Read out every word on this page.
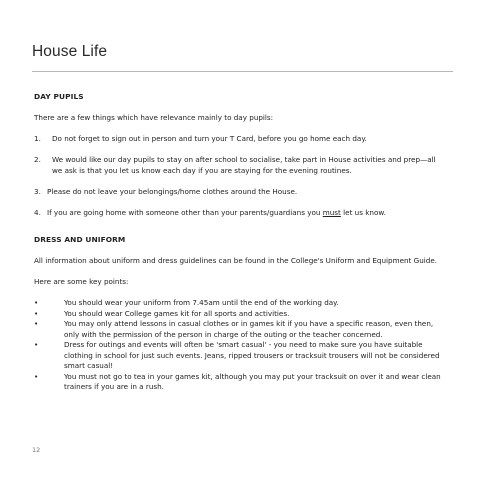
House Life
DAY PUPILS
There are a few things which have relevance mainly to day pupils:
1.	Do not forget to sign out in person and turn your T Card, before you go home each day.
2.	We would like our day pupils to stay on after school to socialise, take part in House activities and prep—all
we ask is that you let us know each day if you are staying for the evening routines.
3. Please do not leave your belongings/home clothes around the House.
4. If you are going home with someone other than your parents/guardians you must let us know.
DRESS AND UNIFORM
All information about uniform and dress guidelines can be found in the College's Uniform and Equipment Guide.
Here are some key points:
•	You should wear your uniform from 7.45am until the end of the working day.
•	You should wear College games kit for all sports and activities.
•	You may only attend lessons in casual clothes or in games kit if you have a specific reason, even then,
only with the permission of the person in charge of the outing or the teacher concerned.
•	Dress for outings and events will often be 'smart casual' - you need to make sure you have suitable
clothing in school for just such events. Jeans, ripped trousers or tracksuit trousers will not be considered
smart casual!
•	You must not go to tea in your games kit, although you may put your tracksuit on over it and wear clean
trainers if you are in a rush.
12
